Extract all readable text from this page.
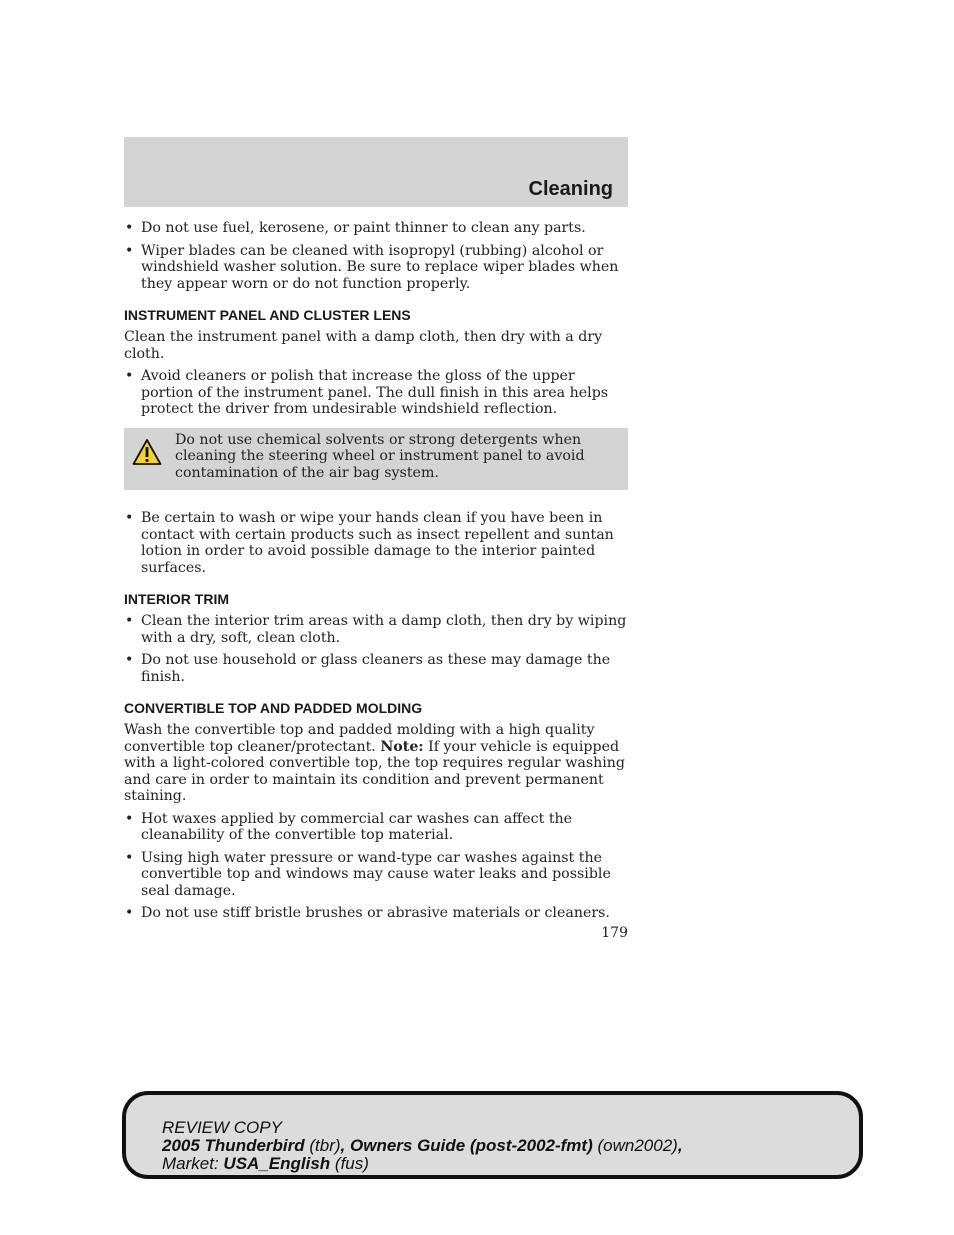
Cleaning
• Do not use fuel, kerosene, or paint thinner to clean any parts.
• Wiper blades can be cleaned with isopropyl (rubbing) alcohol or windshield washer solution. Be sure to replace wiper blades when they appear worn or do not function properly.
INSTRUMENT PANEL AND CLUSTER LENS

Clean the instrument panel with a damp cloth, then dry with a dry cloth.

• Avoid cleaners or polish that increase the gloss of the upper portion of the instrument panel. The dull finish in this area helps protect the driver from undesirable windshield reflection.

Do not use chemical solvents or strong detergents when cleaning the steering wheel or instrument panel to avoid contamination of the air bag system.

• Be certain to wash or wipe your hands clean if you have been in contact with certain products such as insect repellent and suntan lotion in order to avoid possible damage to the interior painted surfaces.
INTERIOR TRIM
• Clean the interior trim areas with a damp cloth, then dry by wiping with a dry, soft, clean cloth.
• Do not use household or glass cleaners as these may damage the finish.
CONVERTIBLE TOP AND PADDED MOLDING

Wash the convertible top and padded molding with a high quality convertible top cleaner/protectant. Note: If your vehicle is equipped with a light-colored convertible top, the top requires regular washing and care in order to maintain its condition and prevent permanent staining.

• Hot waxes applied by commercial car washes can affect the cleanability of the convertible top material.
• Using high water pressure or wand-type car washes against the convertible top and windows may cause water leaks and possible seal damage.
• Do not use stiff bristle brushes or abrasive materials or cleaners.
179
REVIEW COPY
2005 Thunderbird (tbr), Owners Guide (post-2002-fmt) (own2002),
Market: USA_English (fus)
